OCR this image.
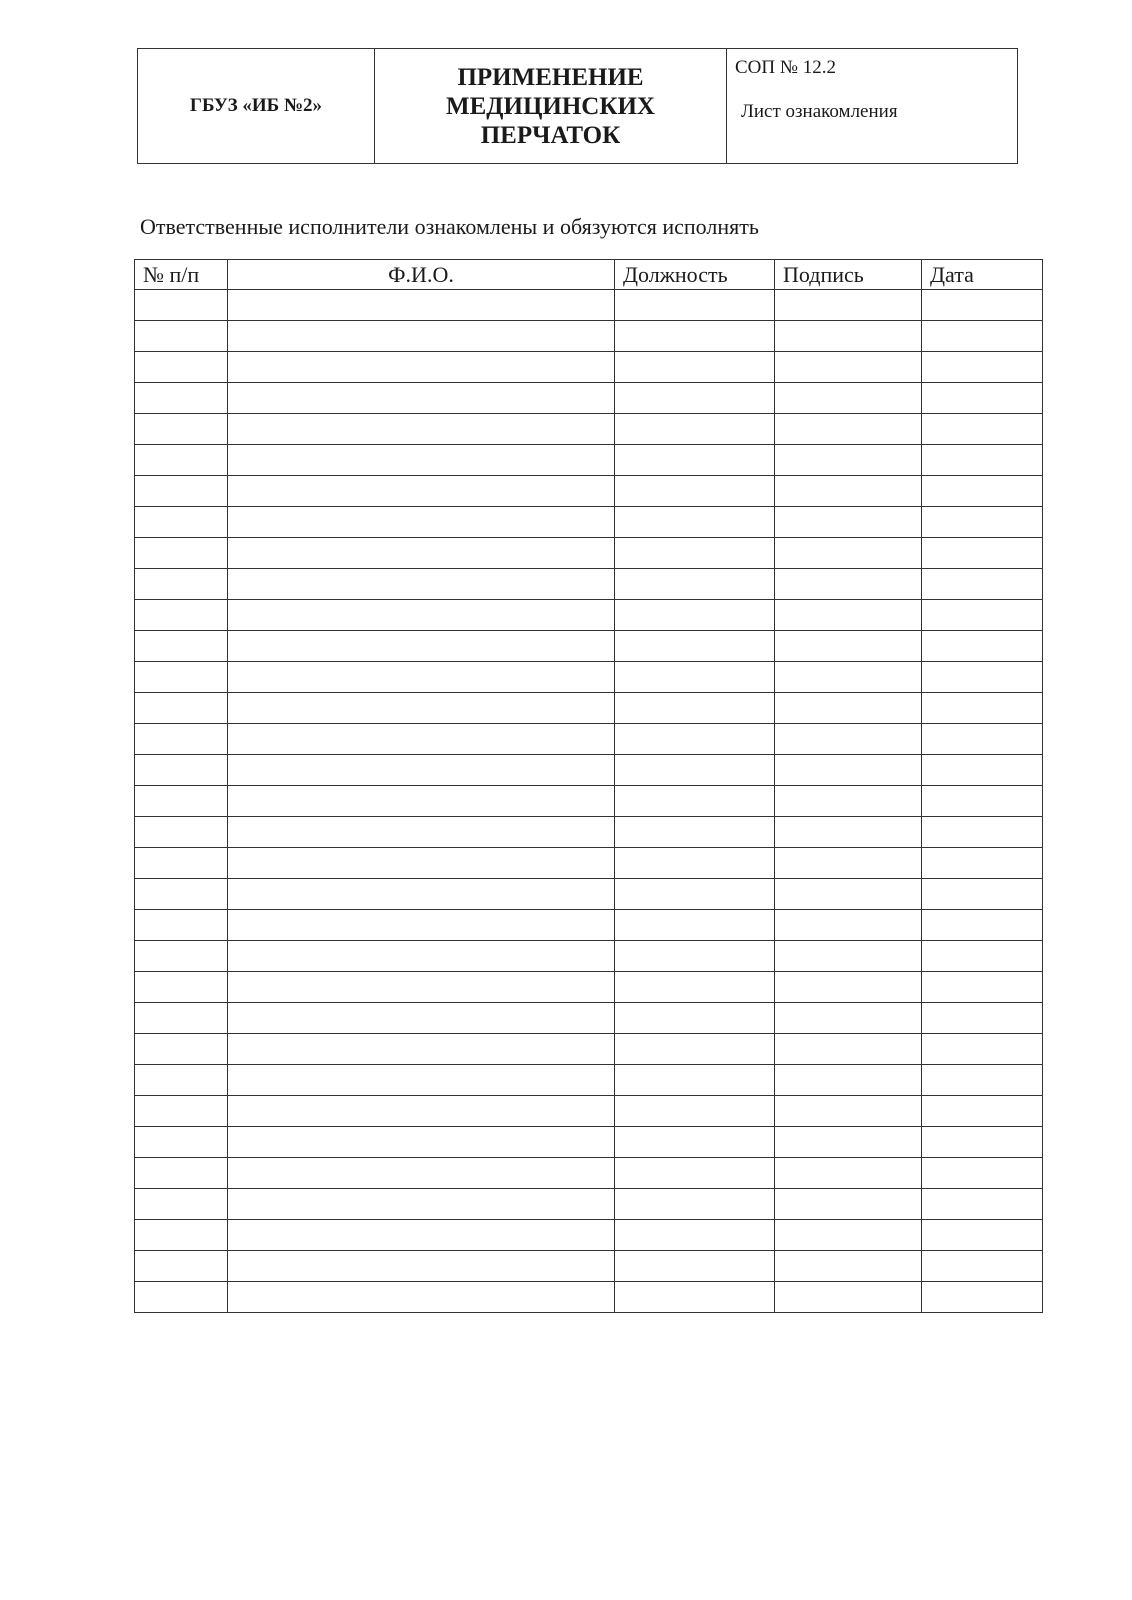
ГБУЗ «ИБ №2»	
ПРИМЕНЕНИЕ
МЕДИЦИНСКИХ
ПЕРЧАТОК

СОП № 12.2
Лист ознакомления
Ответственные исполнители ознакомлены и обязуются исполнять
№ п/п	Ф.И.О.	Должность	Подпись	Дата
